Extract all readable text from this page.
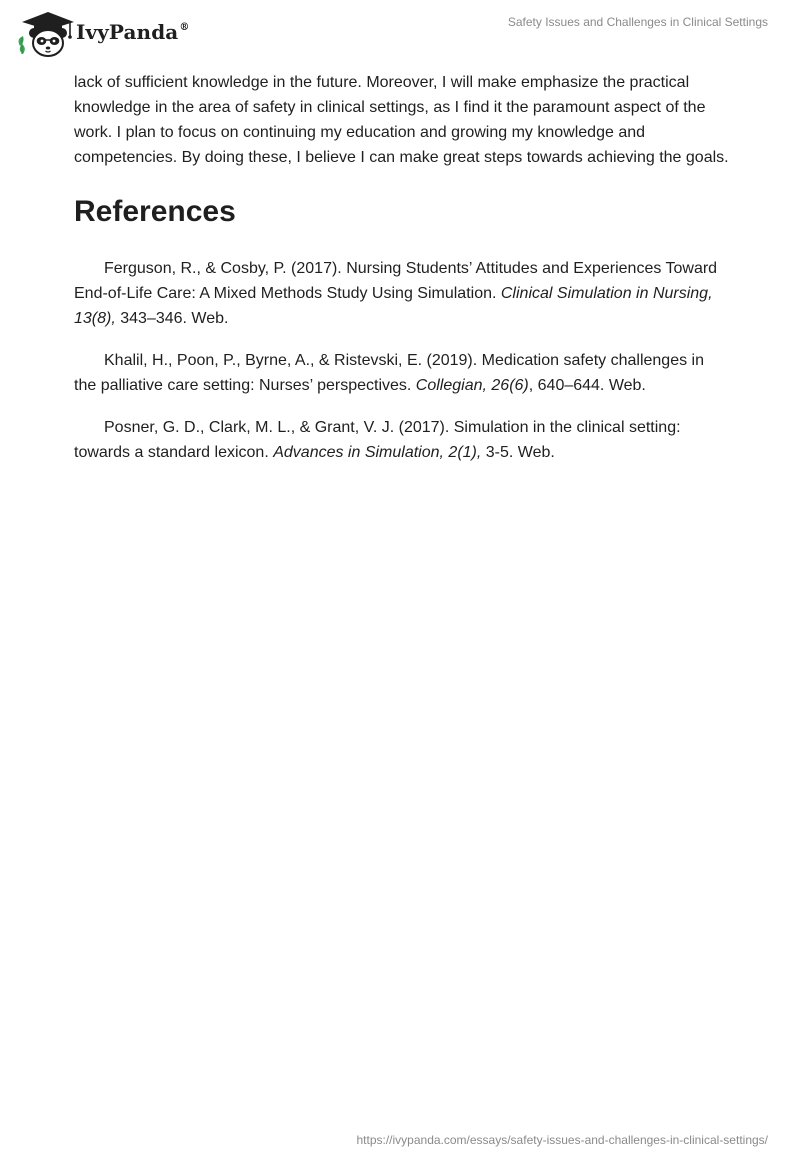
IvyPanda®	Safety Issues and Challenges in Clinical Settings

lack of sufficient knowledge in the future. Moreover, I will make emphasize the practical knowledge in the area of safety in clinical settings, as I find it the paramount aspect of the work. I plan to focus on continuing my education and growing my knowledge and competencies. By doing these, I believe I can make great steps towards achieving the goals.

References

Ferguson, R., & Cosby, P. (2017). Nursing Students’ Attitudes and Experiences Toward End-of-Life Care: A Mixed Methods Study Using Simulation. Clinical Simulation in Nursing, 13(8), 343–346. Web.

Khalil, H., Poon, P., Byrne, A., & Ristevski, E. (2019). Medication safety challenges in the palliative care setting: Nurses’ perspectives. Collegian, 26(6), 640–644. Web.

Posner, G. D., Clark, M. L., & Grant, V. J. (2017). Simulation in the clinical setting: towards a standard lexicon. Advances in Simulation, 2(1), 3-5. Web.

https://ivypanda.com/essays/safety-issues-and-challenges-in-clinical-settings/
